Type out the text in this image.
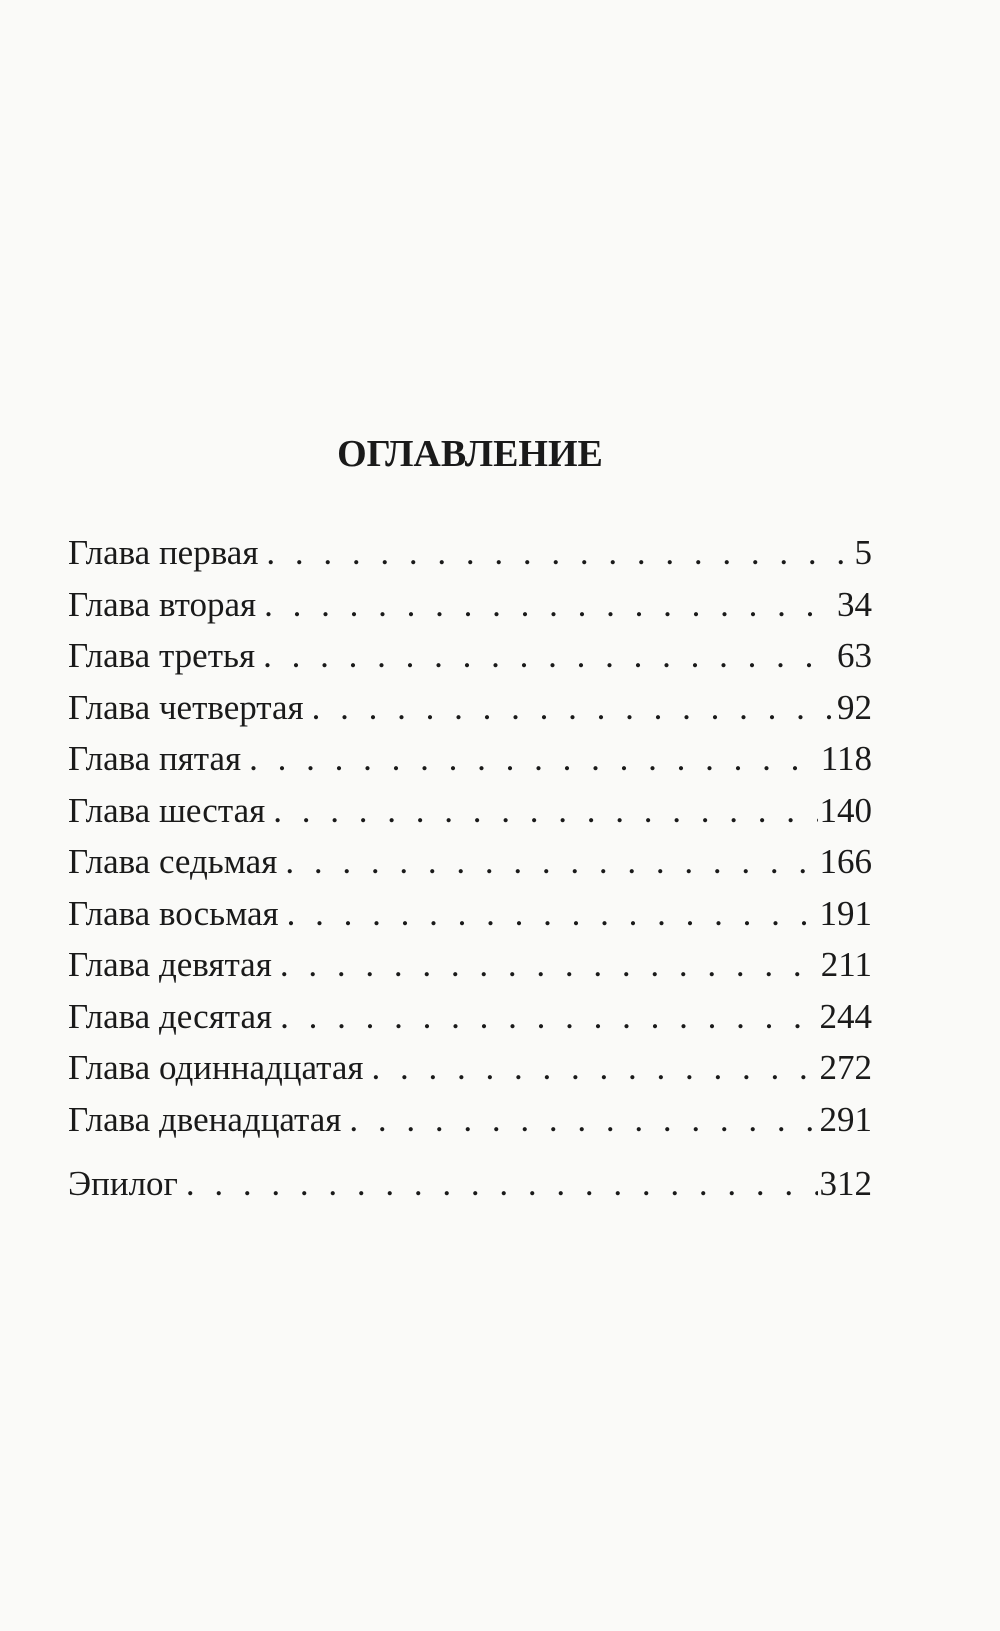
ОГЛАВЛЕНИЕ
Глава первая . . .	5
Глава вторая . . .	34
Глава третья . . .	63
Глава четвертая . . .	92
Глава пятая . . .	118
Глава шестая . . .	140
Глава седьмая . . .	166
Глава восьмая . . .	191
Глава девятая . . .	211
Глава десятая . . .	244
Глава одиннадцатая . . .	272
Глава двенадцатая . . .	291
Эпилог . . .	312
